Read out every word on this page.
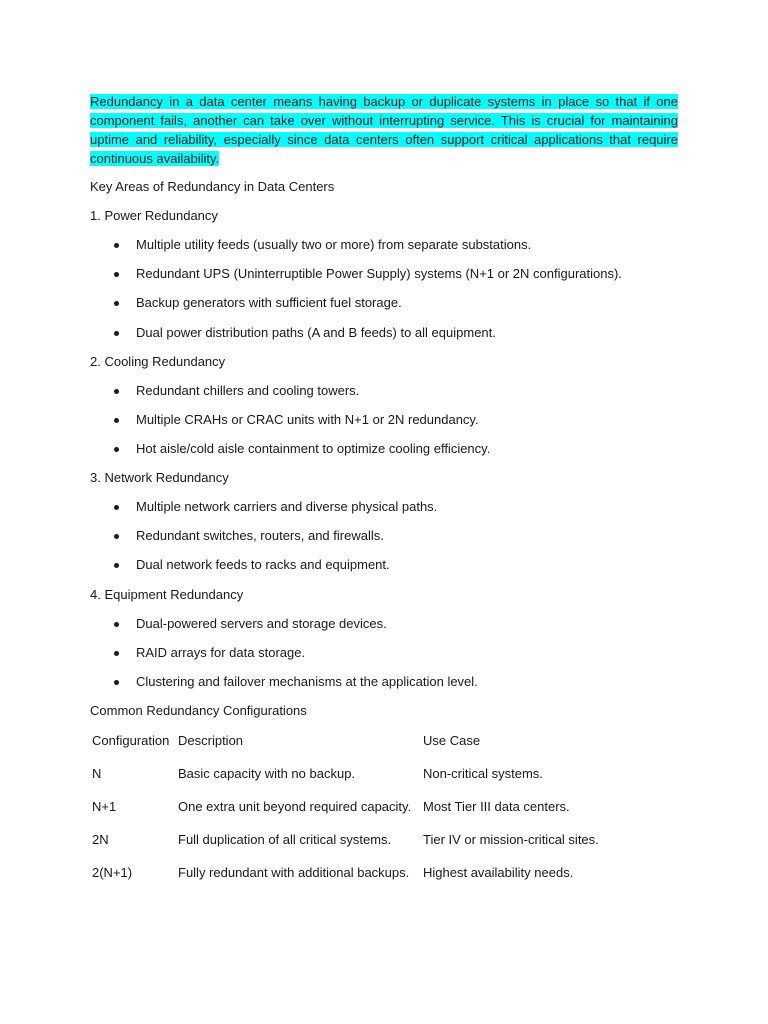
Redundancy in a data center means having backup or duplicate systems in place so that if one component fails, another can take over without interrupting service. This is crucial for maintaining uptime and reliability, especially since data centers often support critical applications that require continuous availability.

Key Areas of Redundancy in Data Centers

1. Power Redundancy

Multiple utility feeds (usually two or more) from separate substations.
Redundant UPS (Uninterruptible Power Supply) systems (N+1 or 2N configurations).
Backup generators with sufficient fuel storage.
Dual power distribution paths (A and B feeds) to all equipment.

2. Cooling Redundancy

Redundant chillers and cooling towers.
Multiple CRAHs or CRAC units with N+1 or 2N redundancy.
Hot aisle/cold aisle containment to optimize cooling efficiency.

3. Network Redundancy

Multiple network carriers and diverse physical paths.
Redundant switches, routers, and firewalls.
Dual network feeds to racks and equipment.

4. Equipment Redundancy

Dual-powered servers and storage devices.
RAID arrays for data storage.
Clustering and failover mechanisms at the application level.

Common Redundancy Configurations

Configuration	Description	Use Case
N	Basic capacity with no backup.	Non-critical systems.
N+1	One extra unit beyond required capacity.	Most Tier III data centers.
2N	Full duplication of all critical systems.	Tier IV or mission-critical sites.
2(N+1)	Fully redundant with additional backups.	Highest availability needs.
